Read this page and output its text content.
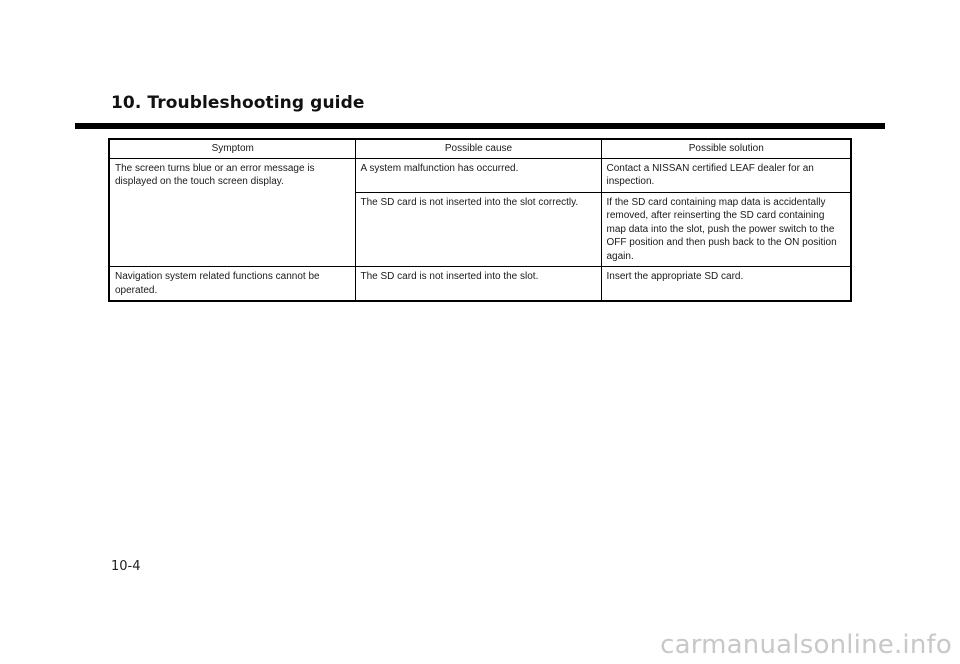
10. Troubleshooting guide
Symptom	Possible cause	Possible solution
The screen turns blue or an error message is displayed on the touch screen display.	A system malfunction has occurred.	Contact a NISSAN certified LEAF dealer for an inspection.
	The SD card is not inserted into the slot correctly.	If the SD card containing map data is accidentally removed, after reinserting the SD card containing map data into the slot, push the power switch to the OFF position and then push back to the ON position again.
Navigation system related functions cannot be operated.	The SD card is not inserted into the slot.	Insert the appropriate SD card.
10-4
carmanualsonline.info
